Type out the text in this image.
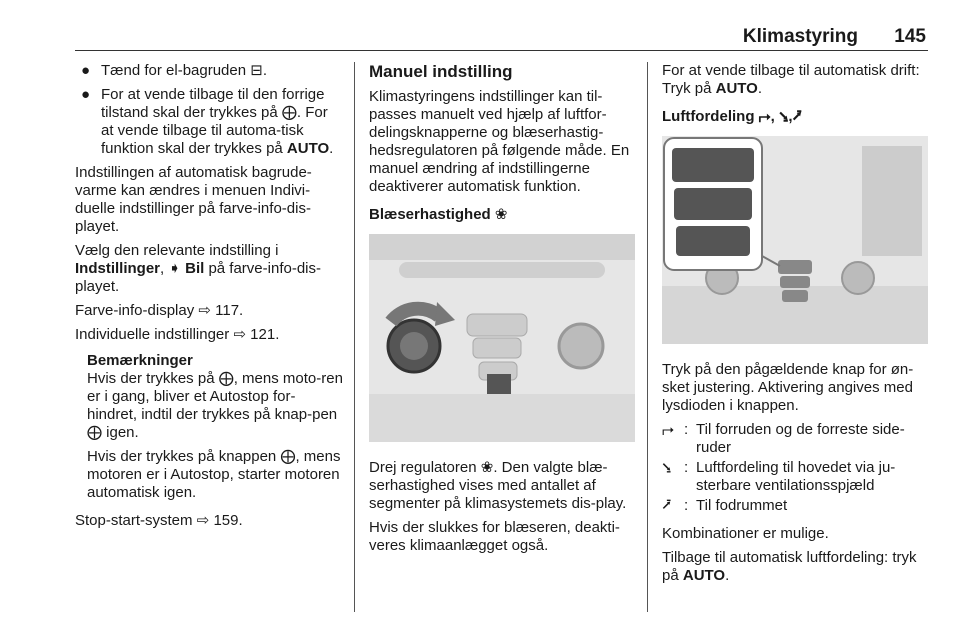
Klimastyring 145
● Tænd for el-bagruden ⊟.
● For at vende tilbage til den forrige tilstand skal der trykkes på ⨁. For at vende tilbage til automa-tisk funktion skal der trykkes på AUTO.

Indstillingen af automatisk bagrude-varme kan ændres i menuen Indivi-duelle indstillinger på farve-info-dis-playet.

Vælg den relevante indstilling i Indstillinger, ➧ Bil på farve-info-dis-playet.

Farve-info-display ⇨ 117.

Individuelle indstillinger ⇨ 121.

Bemærkninger

Hvis der trykkes på ⨁, mens moto-ren er i gang, bliver et Autostop for-hindret, indtil der trykkes på knap-pen ⨁ igen.

Hvis der trykkes på knappen ⨁, mens motoren er i Autostop, starter motoren automatisk igen.

Stop-start-system ⇨ 159.

Manuel indstilling

Klimastyringens indstillinger kan til-passes manuelt ved hjælp af luftfor-delingsknapperne og blæserhastig-hedsregulatoren på følgende måde. En manuel ændring af indstillingerne deaktiverer automatisk funktion.

Blæserhastighed ❀

Drej regulatoren ❀. Den valgte blæ-serhastighed vises med antallet af segmenter på klimasystemets dis-play.

Hvis der slukkes for blæseren, deakti-veres klimaanlægget også.

For at vende tilbage til automatisk drift: Tryk på AUTO.

Luftfordeling ⮣, ⭸,⭷

Tryk på den pågældende knap for øn-sket justering. Aktivering angives med lysdioden i knappen.

⮣ : Til forruden og de forreste side-ruder
⭸ : Luftfordeling til hovedet via ju-sterbare ventilationsspjæld
⭷ : Til fodrummet

Kombinationer er mulige.

Tilbage til automatisk luftfordeling: tryk på AUTO.
